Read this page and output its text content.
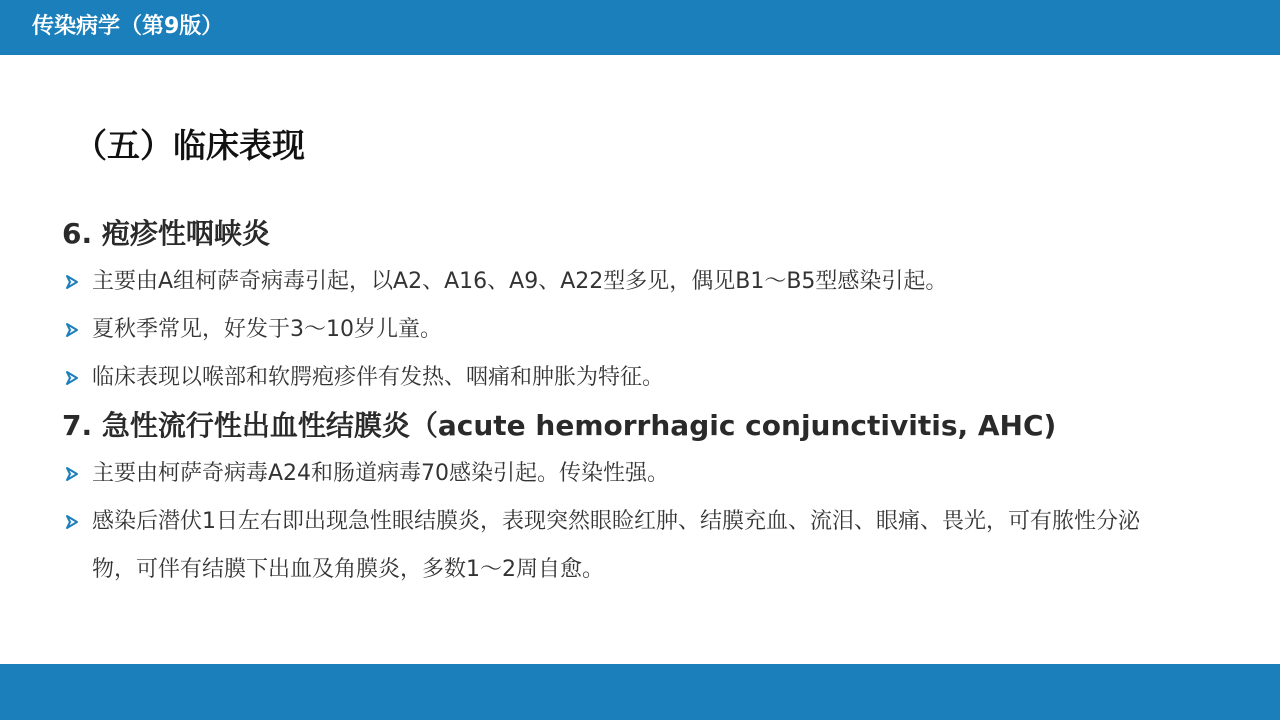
传染病学（第9版）
（五）临床表现
6. 疱疹性咽峡炎
主要由A组柯萨奇病毒引起，以A2、A16、A9、A22型多见，偶见B1～B5型感染引起。
夏秋季常见，好发于3～10岁儿童。
临床表现以喉部和软腭疱疹伴有发热、咽痛和肿胀为特征。
7. 急性流行性出血性结膜炎（acute hemorrhagic conjunctivitis, AHC)
主要由柯萨奇病毒A24和肠道病毒70感染引起。传染性强。
感染后潜伏1日左右即出现急性眼结膜炎，表现突然眼睑红肿、结膜充血、流泪、眼痛、畏光，可有脓性分泌物，可伴有结膜下出血及角膜炎，多数1～2周自愈。
